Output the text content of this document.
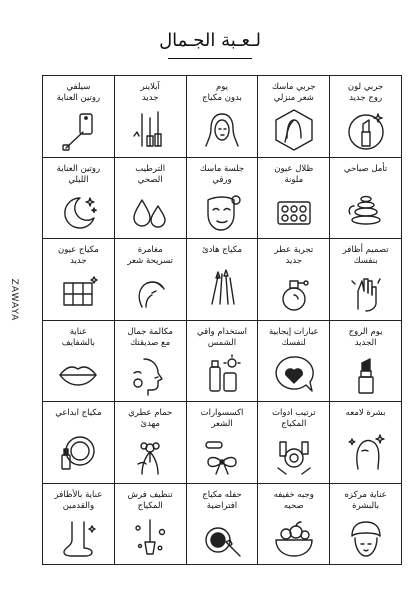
لـعـبة الجـمال
ZAWAYA
سيلفي
روتين العناية
آيلاينر
جديد
يوم
بدون مكياج
جربي ماسك
شعر منزلي
جربي لون
روج جديد
روتين العناية
الليلي
الترطيب
الصحي
جلسة ماسك
ورقي
ظلال عيون
ملونة
تأمل صباحي
مكياج عيون
جديد
مغامرة
تسريحة شعر
مكياج هادئ	تجربة عطر
جديد
تصميم أظافر
بنفسك
عناية
بالشفايف
مكالمة جمال
مع صديقتك
استخدام واقي
الشمس
عبارات إيجابية
لنفسك
يوم الروج
الجديد
مكياج ابداعي	حمام عطري
مهدئ
اكسسوارات
الشعر
ترتيب ادوات
المكياج
بشرة لامعه
عناية بالأظافر
والقدمين
تنظيف فرش
المكياج
حفله مكياج
افتراضية
وجبه خفيفه
صحيه
عناية مركزه
بالبشرة
